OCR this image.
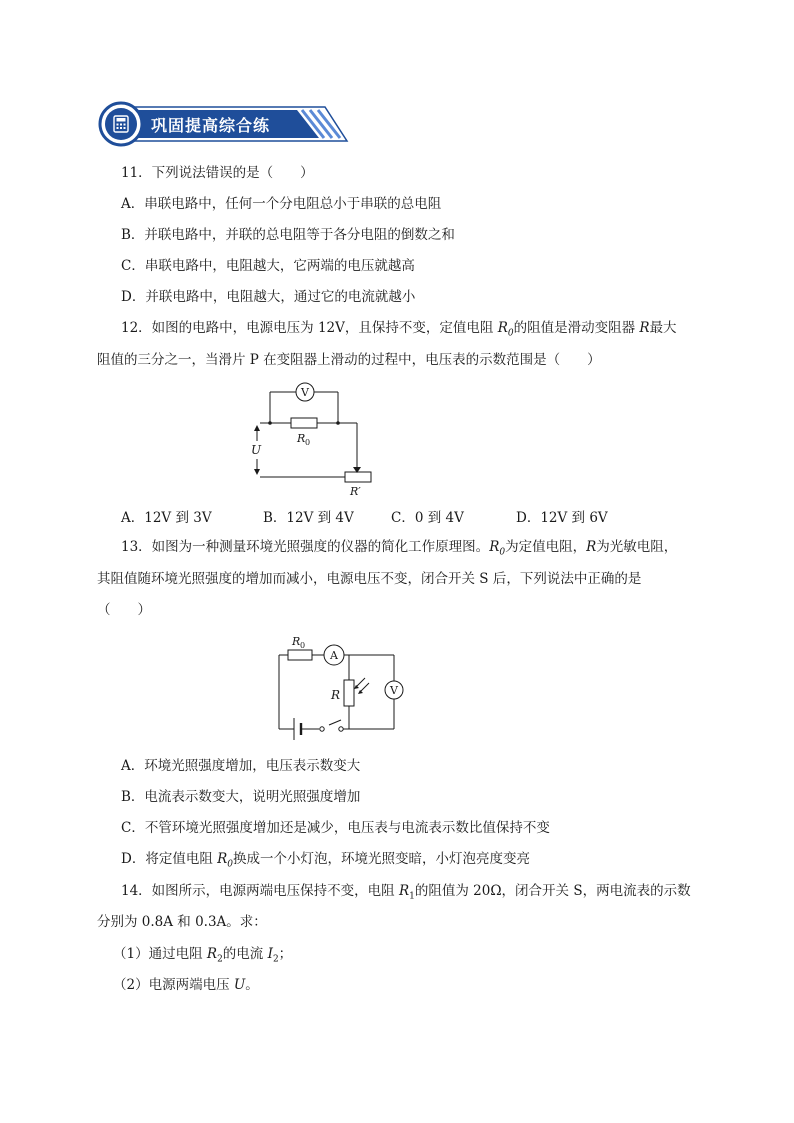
巩固提高综合练
11．下列说法错误的是（　　）
A．串联电路中，任何一个分电阻总小于串联的总电阻
B．并联电路中，并联的总电阻等于各分电阻的倒数之和
C．串联电路中，电阻越大，它两端的电压就越高
D．并联电路中，电阻越大，通过它的电流就越小
12．如图的电路中，电源电压为 12V，且保持不变，定值电阻 $R_0$的阻值是滑动变阻器 R最大
阻值的三分之一，当滑片 P 在变阻器上滑动的过程中，电压表的示数范围是（　　）
V
U
R 0
R′
A．12V 到 3V	B．12V 到 4V	C．0 到 4V	D．12V 到 6V
13．如图为一种测量环境光照强度的仪器的简化工作原理图。$R_0$为定值电阻，R为光敏电阻，
其阻值随环境光照强度的增加而减小，电源电压不变，闭合开关 S 后，下列说法中正确的是
（　　）
A
V
R 0
R
A．环境光照强度增加，电压表示数变大
B．电流表示数变大，说明光照强度增加
C．不管环境光照强度增加还是减少，电压表与电流表示数比值保持不变
D．将定值电阻 $R_0$换成一个小灯泡，环境光照变暗，小灯泡亮度变亮
14．如图所示，电源两端电压保持不变，电阻 $R_1$的阻值为 20Ω，闭合开关 S，两电流表的示数
分别为 0.8A 和 0.3A。求：
（1）通过电阻 $R_2$的电流 $I_2$；
（2）电源两端电压 U。
